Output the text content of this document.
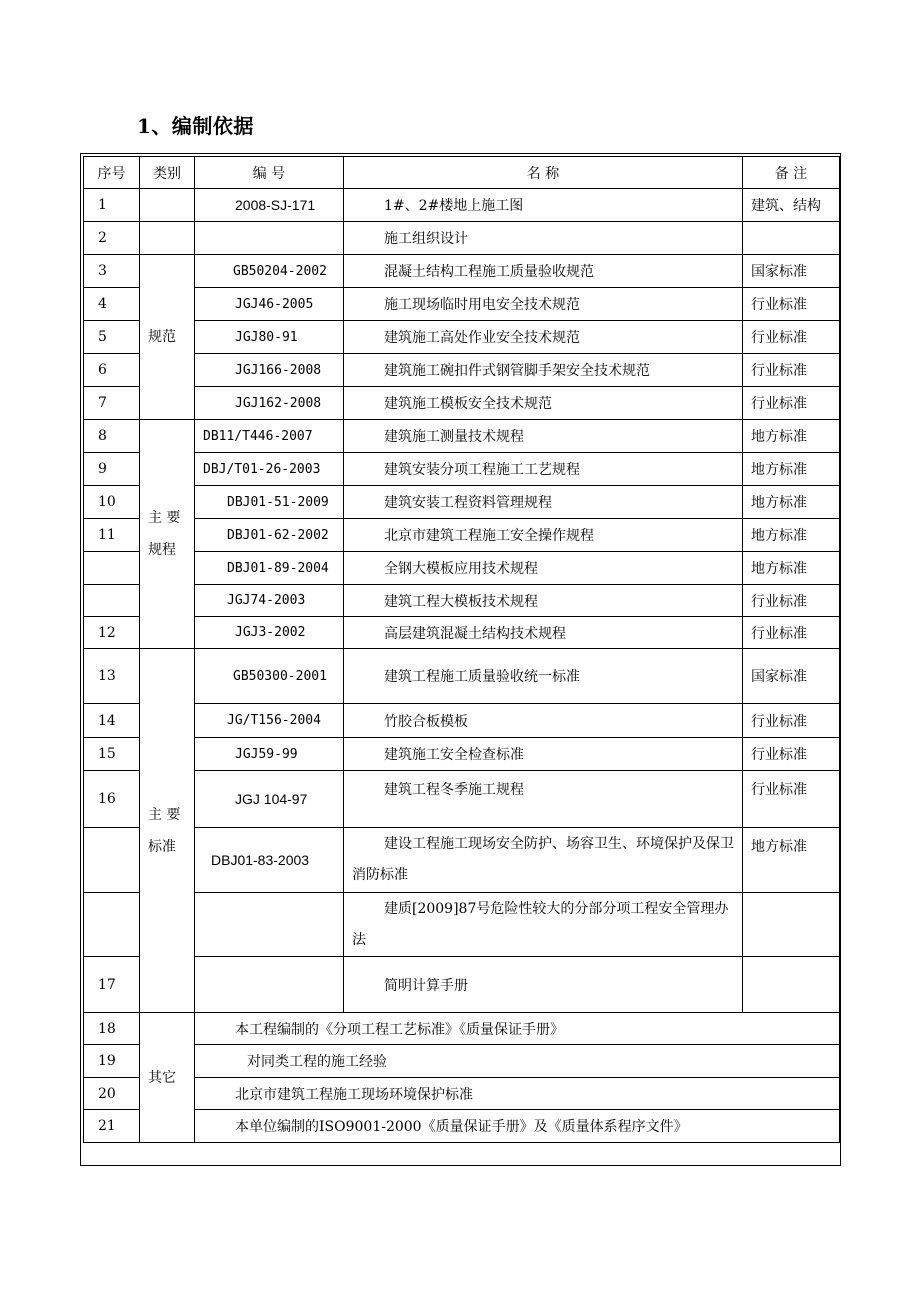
1、编制依据
序号	类别	编 号	名 称	备 注
1		2008-SJ-171	1#、2#楼地上施工图	建筑、结构
2			施工组织设计	
3	规范	GB50204-2002	混凝土结构工程施工质量验收规范	国家标准
4		JGJ46-2005	施工现场临时用电安全技术规范	行业标准
5		JGJ80-91	建筑施工高处作业安全技术规范	行业标准
6		JGJ166-2008	建筑施工碗扣件式钢管脚手架安全技术规范	行业标准
7		JGJ162-2008	建筑施工模板安全技术规范	行业标准
8	主 要 规程	DB11/T446-2007	建筑施工测量技术规程	地方标准
9		DBJ/T01-26-2003	建筑安装分项工程施工工艺规程	地方标准
10		DBJ01-51-2009	建筑安装工程资料管理规程	地方标准
11		DBJ01-62-2002	北京市建筑工程施工安全操作规程	地方标准
		DBJ01-89-2004	全钢大模板应用技术规程	地方标准
		JGJ74-2003	建筑工程大模板技术规程	行业标准
12		JGJ3-2002	高层建筑混凝土结构技术规程	行业标准
13	主 要 标准	GB50300-2001	建筑工程施工质量验收统一标准	国家标准
14		JG/T156-2004	竹胶合板模板	行业标准
15		JGJ59-99	建筑施工安全检查标准	行业标准
16		JGJ 104-97	建筑工程冬季施工规程	行业标准
		DBJ01-83-2003	建设工程施工现场安全防护、场容卫生、环境保护及保卫消防标准	地方标准
			建质[2009]87号危险性较大的分部分项工程安全管理办法	
17			简明计算手册	
18	其它	本工程编制的《分项工程工艺标准》《质量保证手册》		
19		对同类工程的施工经验		
20		北京市建筑工程施工现场环境保护标准		
21		本单位编制的ISO9001-2000《质量保证手册》及《质量体系程序文件》		
